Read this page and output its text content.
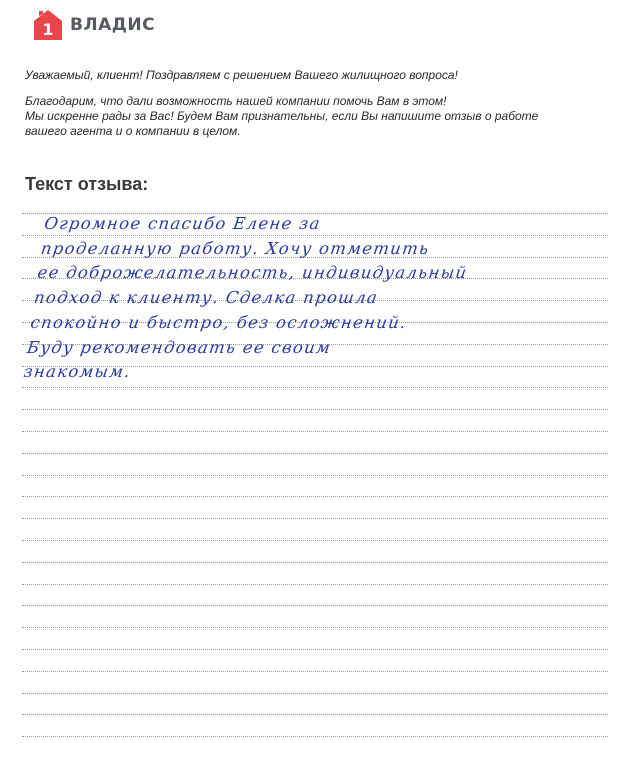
1 ВЛАДИС

Уважаемый, клиент! Поздравляем с решением Вашего жилищного вопроса!

Благодарим, что дали возможность нашей компании помочь Вам в этом!

Мы искренне рады за Вас! Будем Вам признательны, если Вы напишите отзыв о работе

вашего агента и о компании в целом.

Текст отзыва:
Огромное спасибо Елене за
проделанную работу. Хочу отметить
ее доброжелательность, индивидуальный
подход к клиенту. Сделка прошла
спокойно и быстро, без осложнений.
Буду рекомендовать ее своим
знакомым.
